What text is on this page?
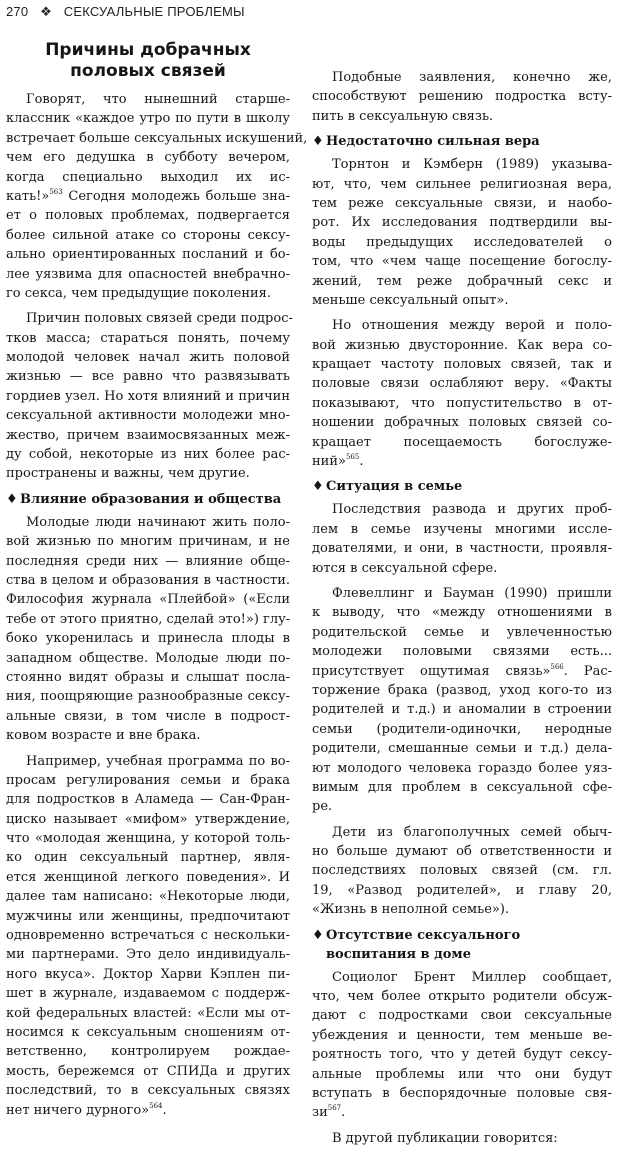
270 ❖ СЕКСУАЛЬНЫЕ ПРОБЛЕМЫ
Причины добрачных
половых связей
Говорят, что нынешний старше-
классник «каждое утро по пути в школу
встречает больше сексуальных искушений,
чем его дедушка в субботу вечером,
когда специально выходил их ис-
кать!»$^{563}$ Сегодня молодежь больше зна-
ет о половых проблемах, подвергается
более сильной атаке со стороны сексу-
ально ориентированных посланий и бо-
лее уязвима для опасностей внебрачно-
го секса, чем предыдущие поколения.
Причин половых связей среди подрос-
тков масса; стараться понять, почему
молодой человек начал жить половой
жизнью — все равно что развязывать
гордиев узел. Но хотя влияний и причин
сексуальной активности молодежи мно-
жество, причем взаимосвязанных меж-
ду собой, некоторые из них более рас-
пространены и важны, чем другие.
♦ Влияние образования и общества
Молодые люди начинают жить поло-
вой жизнью по многим причинам, и не
последняя среди них — влияние обще-
ства в целом и образования в частности.
Философия журнала «Плейбой» («Если
тебе от этого приятно, сделай это!») глу-
боко укоренилась и принесла плоды в
западном обществе. Молодые люди по-
стоянно видят образы и слышат посла-
ния, поощряющие разнообразные сексу-
альные связи, в том числе в подрост-
ковом возрасте и вне брака.
Например, учебная программа по во-
просам регулирования семьи и брака
для подростков в Аламеда — Сан-Фран-
циско называет «мифом» утверждение,
что «молодая женщина, у которой толь-
ко один сексуальный партнер, явля-
ется женщиной легкого поведения». И
далее там написано: «Некоторые люди,
мужчины или женщины, предпочитают
одновременно встречаться с нескольки-
ми партнерами. Это дело индивидуаль-
ного вкуса». Доктор Харви Кэплен пи-
шет в журнале, издаваемом с поддерж-
кой федеральных властей: «Если мы от-
носимся к сексуальным сношениям от-
ветственно, контролируем рождае-
мость, бережемся от СПИДа и других
последствий, то в сексуальных связях
нет ничего дурного»$^{564}$.
Подобные заявления, конечно же,
способствуют решению подростка всту-
пить в сексуальную связь.
♦ Недостаточно сильная вера
Торнтон и Кэмберн (1989) указыва-
ют, что, чем сильнее религиозная вера,
тем реже сексуальные связи, и наобо-
рот. Их исследования подтвердили вы-
воды предыдущих исследователей о
том, что «чем чаще посещение богослу-
жений, тем реже добрачный секс и
меньше сексуальный опыт».
Но отношения между верой и поло-
вой жизнью двусторонние. Как вера со-
кращает частоту половых связей, так и
половые связи ослабляют веру. «Факты
показывают, что попустительство в от-
ношении добрачных половых связей со-
кращает посещаемость богослуже-
ний»$^{565}$.
♦ Ситуация в семье
Последствия развода и других проб-
лем в семье изучены многими иссле-
дователями, и они, в частности, проявля-
ются в сексуальной сфере.
Флевеллинг и Бауман (1990) пришли
к выводу, что «между отношениями в
родительской семье и увлеченностью
молодежи половыми связями есть...
присутствует ощутимая связь»$^{566}$. Рас-
торжение брака (развод, уход кого-то из
родителей и т.д.) и аномалии в строении
семьи (родители-одиночки, неродные
родители, смешанные семьи и т.д.) дела-
ют молодого человека гораздо более уяз-
вимым для проблем в сексуальной сфе-
ре.
Дети из благополучных семей обыч-
но больше думают об ответственности и
последствиях половых связей (см. гл.
19, «Развод родителей», и главу 20,
«Жизнь в неполной семье»).
♦ Отсутствие сексуального
воспитания в доме
Социолог Брент Миллер сообщает,
что, чем более открыто родители обсуж-
дают с подростками свои сексуальные
убеждения и ценности, тем меньше ве-
роятность того, что у детей будут сексу-
альные проблемы или что они будут
вступать в беспорядочные половые свя-
$зи^{567}$.
В другой публикации говорится:
